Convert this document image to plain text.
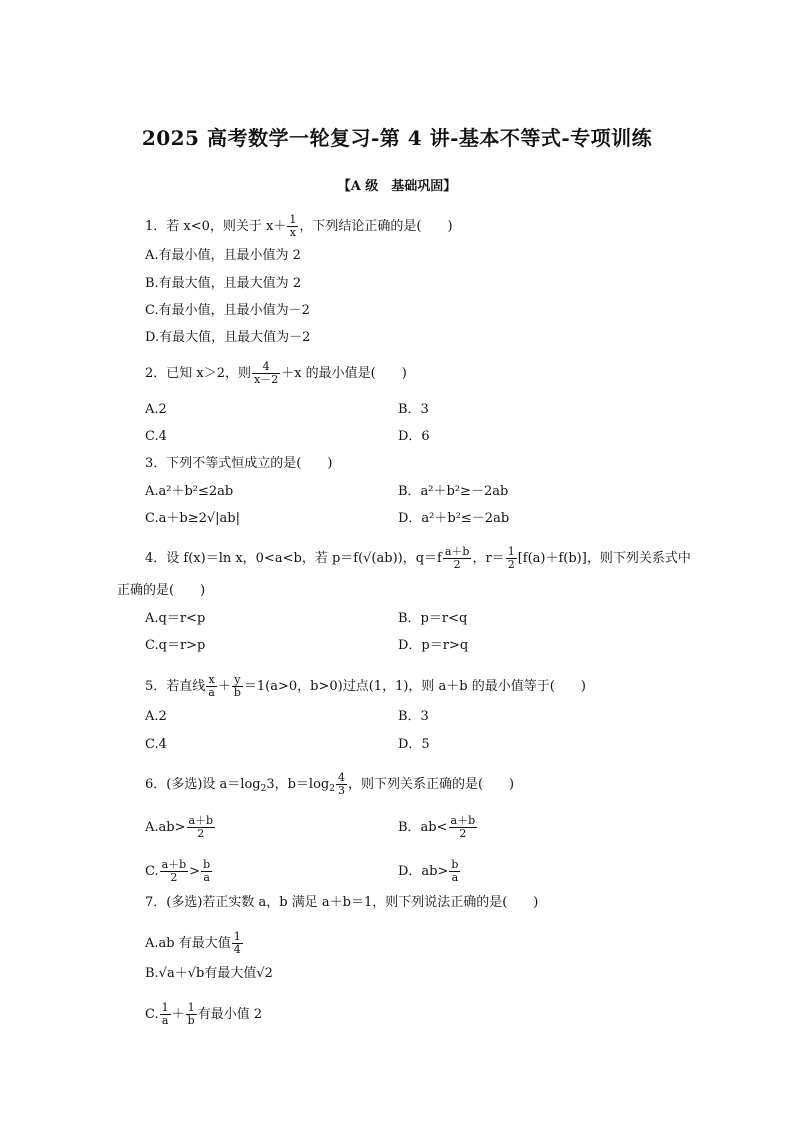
2025 高考数学一轮复习-第 4 讲-基本不等式-专项训练
【A 级　基础巩固】
1．若 x<0，则关于 $x+ \frac{1}{x}$ ，下列结论正确的是(　　)
A.有最小值，且最小值为 2
B.有最大值，且最大值为 2
C.有最小值，且最小值为－2
D.有最大值，且最大值为－2
2．已知 x＞2，则 $\frac{4}{x-2} +x$ 的最小值是(　　)
A.2	B．3
C.4	D．6
3．下列不等式恒成立的是(　　)
A.a²＋b²≤2ab	B．a²＋b²≥－2ab
C.a＋b≥2√|ab|	D．a²＋b²≤－2ab
4．设 f(x)＝ln x，0<a<b，若 p＝f(√(ab))，$q=f \frac{a+b}{2}$ ，$r= \frac{1}{2} [f(a)+f(b)]$，则下列关系式中
正确的是(　　)
A.q＝r<p	B．p＝r<q
C.q＝r>p	D．p＝r>q
5．若直线 $\frac{x}{a} + \frac{y}{b} =1(a>0$，b>0)过点(1，1)，则 a＋b 的最小值等于(　　)
A.2	B．3
C.4	D．5
6．(多选)设 $a=\log_23$，$b=\log_2 \frac{4}{3}$ ，则下列关系正确的是(　　)
$A.ab> \frac{a+b}{2}$	B．$ab< \frac{a+b}{2}$
C. $\frac{a+b}{2} > \frac{b}{a}$	D．$ab> \frac{b}{a}$
7．(多选)若正实数 a，b 满足 a＋b＝1，则下列说法正确的是(　　)
A.ab 有最大值 $\frac{1}{4}$
B.√a＋√b有最大值√2
C. $\frac{1}{a} + \frac{1}{b}$ 有最小值 2
